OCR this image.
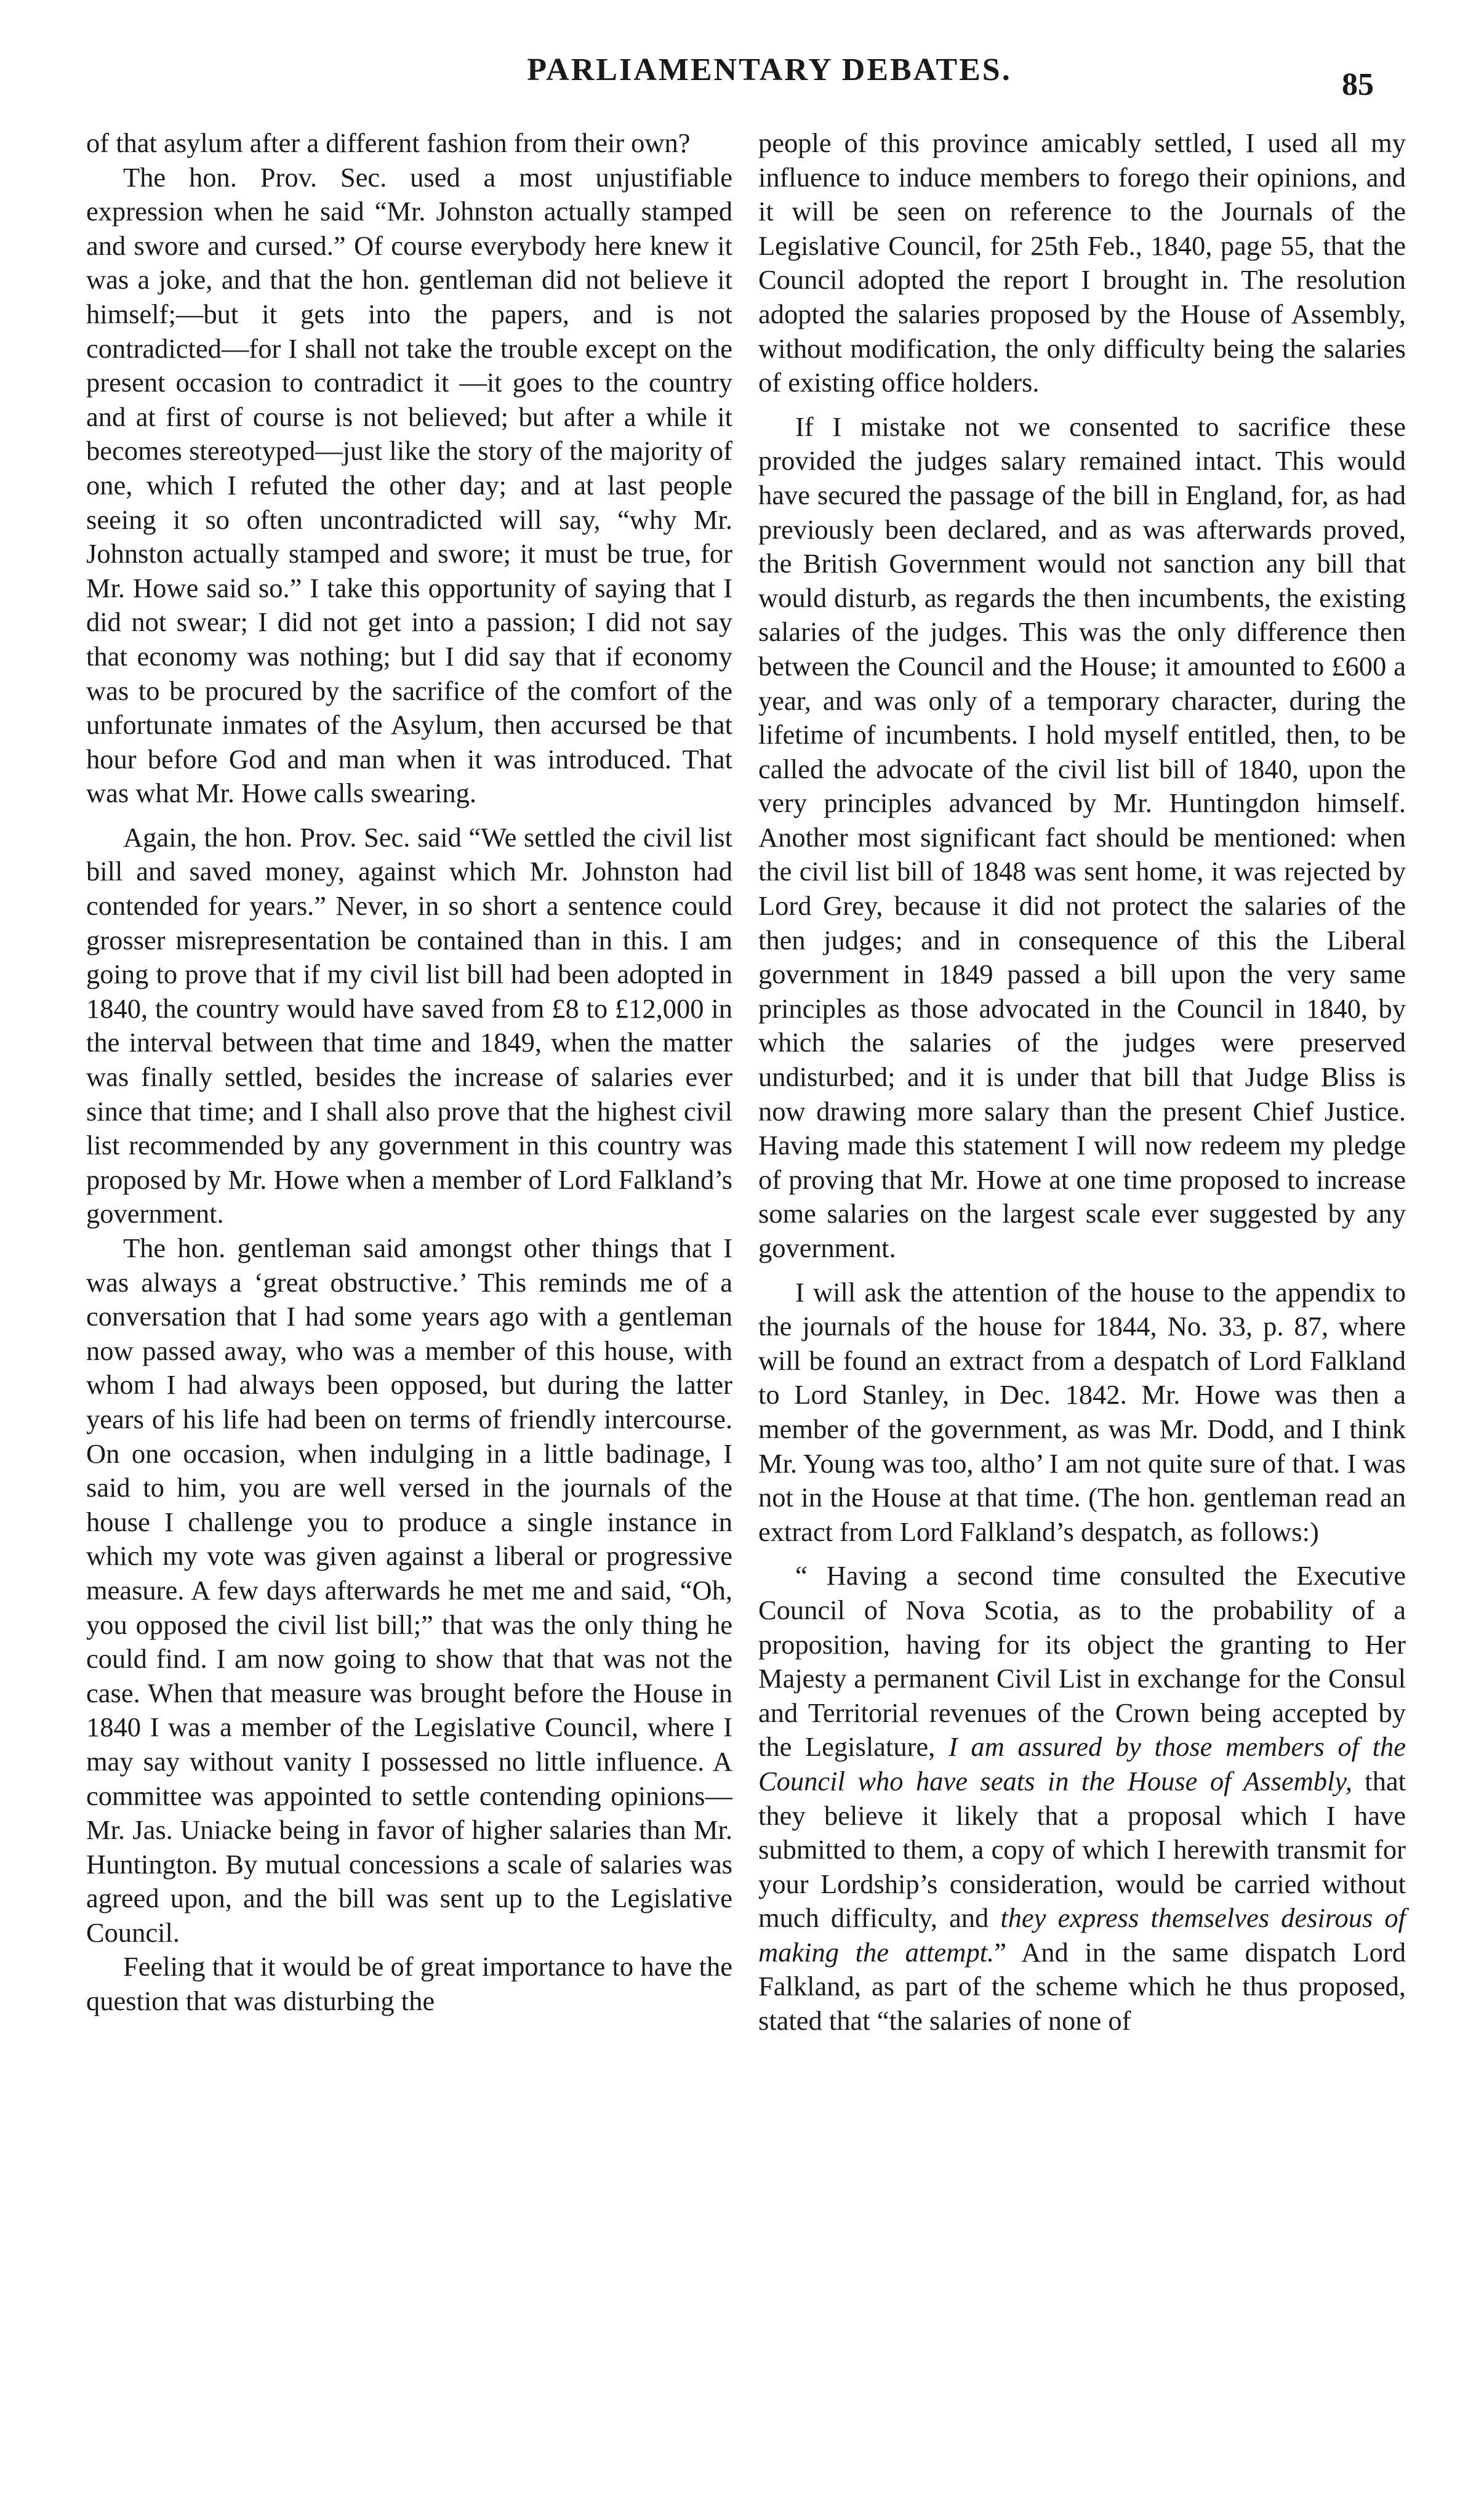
PARLIAMENTARY DEBATES.	85

of that asylum after a different fashion from their own?

The hon. Prov. Sec. used a most unjustifiable expression when he said “Mr. Johnston actually stamped and swore and cursed.” Of course everybody here knew it was a joke, and that the hon. gentleman did not believe it himself;—but it gets into the papers, and is not contradicted—for I shall not take the trouble except on the present occasion to contradict it —it goes to the country and at first of course is not believed; but after a while it becomes stereotyped—just like the story of the majority of one, which I refuted the other day; and at last people seeing it so often uncontradicted will say, “why Mr. Johnston actually stamped and swore; it must be true, for Mr. Howe said so.” I take this opportunity of saying that I did not swear; I did not get into a passion; I did not say that economy was nothing; but I did say that if economy was to be procured by the sacrifice of the comfort of the unfortunate inmates of the Asylum, then accursed be that hour before God and man when it was introduced. That was what Mr. Howe calls swearing.

Again, the hon. Prov. Sec. said “We settled the civil list bill and saved money, against which Mr. Johnston had contended for years.” Never, in so short a sentence could grosser misrepresentation be contained than in this. I am going to prove that if my civil list bill had been adopted in 1840, the country would have saved from £8 to £12,000 in the interval between that time and 1849, when the matter was finally settled, besides the increase of salaries ever since that time; and I shall also prove that the highest civil list recommended by any government in this country was proposed by Mr. Howe when a member of Lord Falkland’s government.

The hon. gentleman said amongst other things that I was always a ‘great obstructive.’ This reminds me of a conversation that I had some years ago with a gentleman now passed away, who was a member of this house, with whom I had always been opposed, but during the latter years of his life had been on terms of friendly intercourse. On one occasion, when indulging in a little badinage, I said to him, you are well versed in the journals of the house I challenge you to produce a single instance in which my vote was given against a liberal or progressive measure. A few days afterwards he met me and said, “Oh, you opposed the civil list bill;” that was the only thing he could find. I am now going to show that that was not the case. When that measure was brought before the House in 1840 I was a member of the Legislative Council, where I may say without vanity I possessed no little influence. A committee was appointed to settle contending opinions—Mr. Jas. Uniacke being in favor of higher salaries than Mr. Huntington. By mutual concessions a scale of salaries was agreed upon, and the bill was sent up to the Legislative Council.

Feeling that it would be of great importance to have the question that was disturbing the

people of this province amicably settled, I used all my influence to induce members to forego their opinions, and it will be seen on reference to the Journals of the Legislative Council, for 25th Feb., 1840, page 55, that the Council adopted the report I brought in. The resolution adopted the salaries proposed by the House of Assembly, without modification, the only difficulty being the salaries of existing office holders.

If I mistake not we consented to sacrifice these provided the judges salary remained intact. This would have secured the passage of the bill in England, for, as had previously been declared, and as was afterwards proved, the British Government would not sanction any bill that would disturb, as regards the then incumbents, the existing salaries of the judges. This was the only difference then between the Council and the House; it amounted to £600 a year, and was only of a temporary character, during the lifetime of incumbents. I hold myself entitled, then, to be called the advocate of the civil list bill of 1840, upon the very principles advanced by Mr. Huntingdon himself. Another most significant fact should be mentioned: when the civil list bill of 1848 was sent home, it was rejected by Lord Grey, because it did not protect the salaries of the then judges; and in consequence of this the Liberal government in 1849 passed a bill upon the very same principles as those advocated in the Council in 1840, by which the salaries of the judges were preserved undisturbed; and it is under that bill that Judge Bliss is now drawing more salary than the present Chief Justice. Having made this statement I will now redeem my pledge of proving that Mr. Howe at one time proposed to increase some salaries on the largest scale ever suggested by any government.

I will ask the attention of the house to the appendix to the journals of the house for 1844, No. 33, p. 87, where will be found an extract from a despatch of Lord Falkland to Lord Stanley, in Dec. 1842. Mr. Howe was then a member of the government, as was Mr. Dodd, and I think Mr. Young was too, altho’ I am not quite sure of that. I was not in the House at that time. (The hon. gentleman read an extract from Lord Falkland’s despatch, as follows:)

“ Having a second time consulted the Executive Council of Nova Scotia, as to the probability of a proposition, having for its object the granting to Her Majesty a permanent Civil List in exchange for the Consul and Territorial revenues of the Crown being accepted by the Legislature, I am assured by those members of the Council who have seats in the House of Assembly, that they believe it likely that a proposal which I have submitted to them, a copy of which I herewith transmit for your Lordship’s consideration, would be carried without much difficulty, and they express themselves desirous of making the attempt.” And in the same dispatch Lord Falkland, as part of the scheme which he thus proposed, stated that “the salaries of none of
